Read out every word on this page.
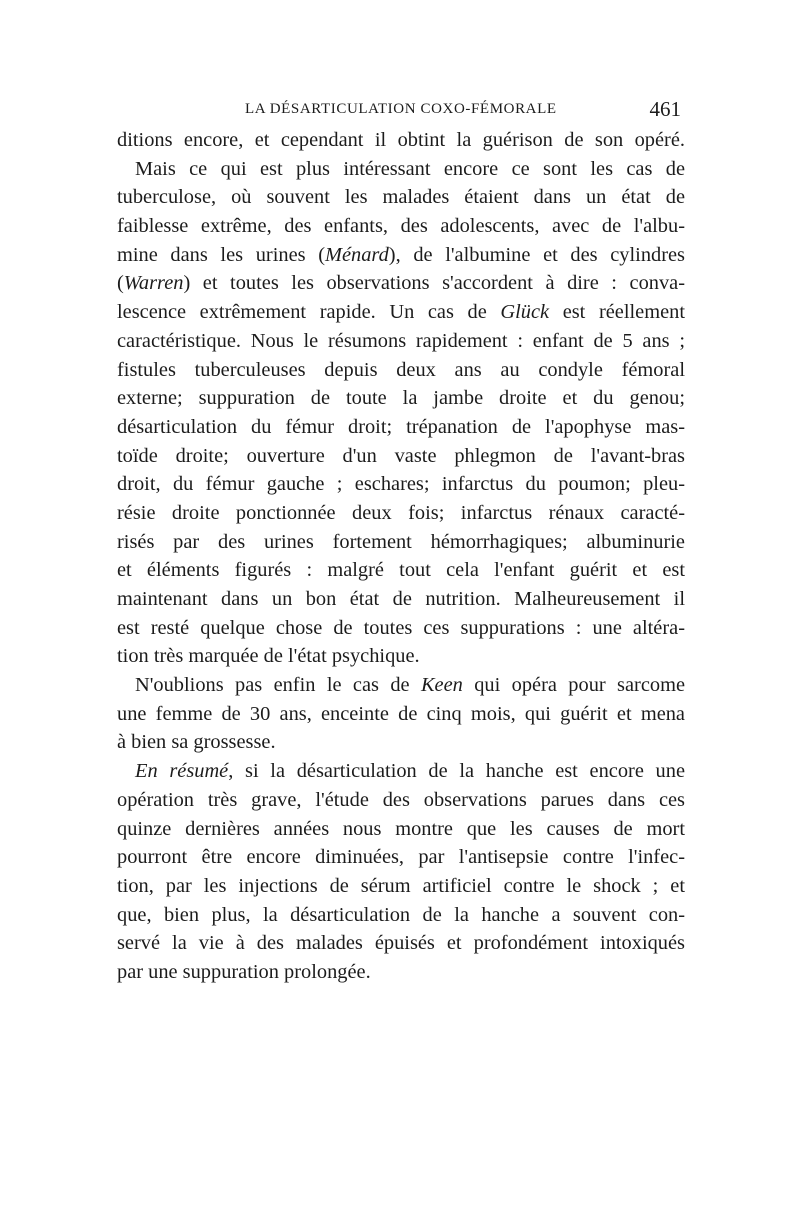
LA DÉSARTICULATION COXO-FÉMORALE	461
ditions encore, et cependant il obtint la guérison de son opéré.
Mais ce qui est plus intéressant encore ce sont les cas de
tuberculose, où souvent les malades étaient dans un état de
faiblesse extrême, des enfants, des adolescents, avec de l'albu-
mine dans les urines (Ménard), de l'albumine et des cylindres
(Warren) et toutes les observations s'accordent à dire : conva-
lescence extrêmement rapide. Un cas de Glück est réellement
caractéristique. Nous le résumons rapidement : enfant de 5 ans ;
fistules tuberculeuses depuis deux ans au condyle fémoral
externe; suppuration de toute la jambe droite et du genou;
désarticulation du fémur droit; trépanation de l'apophyse mas-
toïde droite; ouverture d'un vaste phlegmon de l'avant-bras
droit, du fémur gauche ; eschares; infarctus du poumon; pleu-
résie droite ponctionnée deux fois; infarctus rénaux caracté-
risés par des urines fortement hémorrhagiques; albuminurie
et éléments figurés : malgré tout cela l'enfant guérit et est
maintenant dans un bon état de nutrition. Malheureusement il
est resté quelque chose de toutes ces suppurations : une altéra-
tion très marquée de l'état psychique.
N'oublions pas enfin le cas de Keen qui opéra pour sarcome
une femme de 30 ans, enceinte de cinq mois, qui guérit et mena
à bien sa grossesse.
En résumé, si la désarticulation de la hanche est encore une
opération très grave, l'étude des observations parues dans ces
quinze dernières années nous montre que les causes de mort
pourront être encore diminuées, par l'antisepsie contre l'infec-
tion, par les injections de sérum artificiel contre le shock ; et
que, bien plus, la désarticulation de la hanche a souvent con-
servé la vie à des malades épuisés et profondément intoxiqués
par une suppuration prolongée.
